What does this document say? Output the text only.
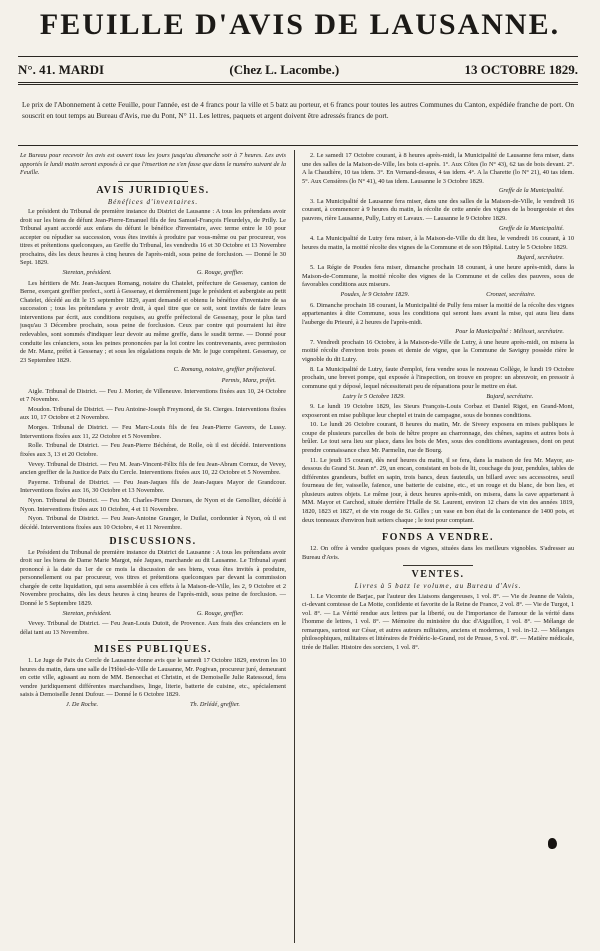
FEUILLE D'AVIS DE LAUSANNE.
N°. 41. MARDI	(Chez L. Lacombe.)	13 OCTOBRE 1829.
Le prix de l'Abonnement à cette Feuille, pour l'année, est de 4 francs pour la ville et 5 batz au porteur, et 6 francs pour toutes les autres Communes du Canton, expédiée franche de port. On souscrit en tout temps au Bureau d'Avis, rue du Pont, N° 11. Les lettres, paquets et argent doivent être adressés francs de port.

Le Bureau pour recevoir les avis est ouvert tous les jours jusqu'au dimanche soir à 7 heures. Les avis apportés le lundi matin seront exposés à ce que l'insertion ne s'en fasse que dans le numéro suivant de la Feuille.

AVIS JURIDIQUES.
Bénéfices d'inventaires.

Le président du Tribunal de première instance du District de Lausanne : A tous les prétendans avoir droit sur les biens de défunt Jean-Pierre-Emanuel fils de feu Samuel-François Fleurdelys, de Prilly. Le Tribunal ayant accordé aux enfans du défunt le bénéfice d'inventaire, avec terme entre le 10 pour accepter ou répudier sa succession, vous êtes invités à produire par vous-même ou par procureur, vos titres et prétentions quelconques, au Greffe du Tribunal, les vendredis 16 et 30 Octobre et 13 Novembre prochains, dès les deux heures à cinq heures de l'après-midi, sous peine de forclusion. — Donné le 30 Sept. 1829.

Steretan, président.	G. Rouge, greffier.

Les héritiers de Mr. Jean-Jacques Romang, notaire du Chatelet, préfecture de Gessenay, canton de Berne, exerçant greffier prefect., sorti à Gessenay, et dernièrement juge le président et aubergiste au petit Chatelet, décédé au dit le 15 septembre 1829, ayant demandé et obtenu le bénéfice d'inventaire de sa succession ; tous les prétendans y avoir droit, à quel titre que ce soit, sont invités de faire leurs interventions par écrit, aux conditions requises, au greffe préfectoral de Gessenay, pour le plus tard jusqu'au 3 Décembre prochain, sous peine de forclusion. Ceux par contre qui pourraient lui être redevables, sont sommés d'indiquer leur devoir au même greffe, dans le susdit terme. — Donné pour conduite les créanciers, sous les peines prononcées par la loi contre les contrevenants, avec permission de Mr. Manz, préfet à Gessenay ; et sous les régalations requis de Mr. le juge compétent. Gessenay, ce 23 Septembre 1829.

C. Romang, notaire, greffier préfectoral.
Permis, Manz, préfet.

Aigle. Tribunal de District. — Feu J. Morier, de Villeneuve. Interventions fixées aux 10, 24 Octobre et 7 Novembre.

Moudon. Tribunal de District. — Feu Antoine-Joseph Freymond, de St. Cierges. Interventions fixées aux 10, 17 Octobre et 2 Novembre.

Morges. Tribunal de District. — Feu Marc-Louis fils de feu Jean-Pierre Gavrers, de Lussy. Interventions fixées aux 11, 22 Octobre et 5 Novembre.

Rolle. Tribunal de District. — Feu Jean-Pierre Béchérat, de Rolle, où il est décédé. Interventions fixées aux 3, 13 et 20 Octobre.

Vevey. Tribunal de District. — Feu M. Jean-Vincent-Félix fils de feu Jean-Abram Cornuz, de Vevey, ancien greffier de la Justice de Paix du Cercle. Interventions fixées aux 10, 22 Octobre et 5 Novembre.

Payerne. Tribunal de District. — Feu Jean-Jaques fils de Jean-Jaques Mayor de Grandcour. Interventions fixées aux 16, 30 Octobre et 13 Novembre.

Nyon. Tribunal de District. — Feu Mr. Charles-Pierre Desrues, de Nyon et de Genollier, décédé à Nyon. Interventions fixées aux 10 Octobre, 4 et 11 Novembre.

Nyon. Tribunal de District. — Feu Jean-Antoine Granger, le Duilat, cordonnier à Nyon, où il est décédé. Interventions fixées aux 10 Octobre, 4 et 11 Novembre.

DISCUSSIONS.

Le Président du Tribunal de première instance du District de Lausanne : A tous les prétendans avoir droit sur les biens de Dame Marie Margot, née Jaques, marchande au dit Lausanne. Le Tribunal ayant prononcé à la date du 1er de ce mois la discussion de ses biens, vous êtes invités à produire, personnellement ou par procureur, vos titres et prétentions quelconques par devant la commission chargée de cette liquidation, qui sera assemblée à ces effets à la Maison-de-Ville, les 2, 9 Octobre et 2 Novembre prochains, dès les deux heures à cinq heures de l'après-midi, sous peine de forclusion. — Donné le 5 Septembre 1829.

Steretan, président.	G. Rouge, greffier.

Vevey. Tribunal de District. — Feu Jean-Louis Dutoit, de Provence. Aux frais des créanciers en le délai tant au 13 Novembre.

MISES PUBLIQUES.

1. Le Juge de Paix du Cercle de Lausanne donne avis que le samedi 17 Octobre 1829, environ les 10 heures du matin, dans une salle de l'Hôtel-de-Ville de Lausanne, Mr. Pogivan, procureur juré, demeurant en cette ville, agissant au nom de MM. Benoechat et Christin, et de Demoiselle Julie Ratessoud, fera vendre juridiquement différentes marchandises, linge, literie, batterie de cuisine, etc., spécialement saisis à Demoiselle Jenni Dufour. — Donné le 6 Octobre 1829.

J. De Roche.	Th. Drlédé, greffier.

2. Le samedi 17 Octobre courant, à 8 heures après-midi, la Municipalité de Lausanne fera miser, dans une des salles de la Maison-de-Ville, les bois ci-après. 1°. Aux Côtes (lo N° 43), 62 tas de bois devant. 2°. A la Chaudière, 10 tas idem. 3°. En Vernand-dessus, 4 tas idem. 4°. A la Charette (lo N° 21), 40 tas idem. 5°. Aux Censières (lo N° 41), 40 tas idem. Lausanne le 3 Octobre 1829.

Greffe de la Municipalité.

3. La Municipalité de Lausanne fera miser, dans une des salles de la Maison-de-Ville, le vendredi 16 courant, à commencer à 9 heures du matin, la récolte de cette année des vignes de la bourgeoisie et des pauvres, rière Lausanne, Pully, Lutry et Lavaux. — Lausanne le 9 Octobre 1829.

Greffe de la Municipalité.

4. La Municipalité de Lutry fera miser, à la Maison-de-Ville du dit lieu, le vendredi 16 courant, à 10 heures du matin, la moitié récolte des vignes de la Commune et de son Hôpital. Lutry le 5 Octobre 1829.

Bujard, secrétaire.

5. La Régie de Poudes fera miser, dimanche prochain 18 courant, à une heure après-midi, dans la Maison-de-Commune, la moitié récolte des vignes de la Commune et de celles des pauvres, sous de favorables conditions aux miseurs.

Poudes, le 9 Octobre 1829.	Cronzet, secrétaire.

6. Dimanche prochain 18 courant, la Municipalité de Pully fera miser la moitié de la récolte des vignes appartenantes à dite Commune, sous les conditions qui seront lues avant la mise, qui aura lieu dans l'auberge du Prieuré, à 2 heures de l'après-midi.

Pour la Municipalité : Mélisset, secrétaire.

7. Vendredi prochain 16 Octobre, à la Maison-de-Ville de Lutry, à une heure après-midi, on misera la moitié récolte d'environ trois poses et demie de vigne, que la Commune de Savigny possède rière le vignoble du dit Lutry.

8. La Municipalité de Lutry, faute d'emploi, fera vendre sous le nouveau Collège, le lundi 19 Octobre prochain, une brevet pompe, qui exposée à l'inspection, on trouve en propre: un abreuvoir, en pressoir à commune qui y déposé, lequel nécessiterait peu de réparations pour le mettre en état.

Lutry le 5 Octobre 1829.	Bujard, secrétaire.

9. Le lundi 19 Octobre 1829, les Sieurs François-Louis Corbaz et Daniel Rigot, en Grand-Mont, exposeront en mise publique leur cheptel et train de campagne, sous de bonnes conditions.

10. Le lundi 26 Octobre courant, 8 heures du matin, Mr. de Siveey exposera en mises publiques le coupe de plusieurs parcelles de bois de hêtre propre au charronnage, des chênes, sapins et autres bois à brûler. Le tout sera lieu sur place, dans les bois de Mex, sous des conditions avantageuses, dont on peut prendre connaissance chez Mr. Parmelin, rue de Bourg.

11. Le jeudi 15 courant, dès neuf heures du matin, il se fera, dans la maison de feu Mr. Mayor, au-dessous du Grand St. Jean n°. 29, un encan, consistant en bois de lit, couchage du jour, pendules, tables de différentes grandeurs, buffet en sapin, trois bancs, deux fauteuils, un billard avec ses accessoires, seuil fourneau de fer, vaisselle, faïence, une batterie de cuisine, etc., et un rouge et du blanc, de bon lies, et plusieurs autres objets. Le même jour, à deux heures après-midi, on misera, dans la cave appartenant à MM. Mayor et Carchod, située derrière l'Halle de St. Laurent, environ 12 chars de vin des années 1819, 1820, 1823 et 1827, et de vin rouge de St. Gilles ; un vase en bon état de la contenance de 1400 pots, et deux tonneaux d'environ huit setiers chaque ; le tout pour comptant.

FONDS A VENDRE.

12. On offre à vendre quelques poses de vignes, situées dans les meilleurs vignobles. S'adresser au Bureau d'Avis.

VENTES.
Livres à 5 batz le volume, au Bureau d'Avis.

1. Le Vicomte de Barjac, par l'auteur des Liaisons dangereuses, 1 vol. 8°. — Vie de Jeanne de Valois, ci-devant comtesse de La Motte, confidente et favorite de la Reine de France, 2 vol. 8°. — Vie de Turgot, 1 vol. 8°. — La Vérité rendue aux lettres par la liberté, ou de l'importance de l'amour de la vérité dans l'homme de lettres, 1 vol. 8°. — Mémoire du ministère du duc d'Aiguillon, 1 vol. 8°. — Mélange de remarques, surtout sur César, et autres auteurs militaires, anciens et modernes, 1 vol. in-12. — Mélanges philosophiques, militaires et littéraires de Frédéric-le-Grand, roi de Prusse, 5 vol. 8°. — Matière médicale, tirée de Haller. Histoire des sorciers, 1 vol. 8°.
